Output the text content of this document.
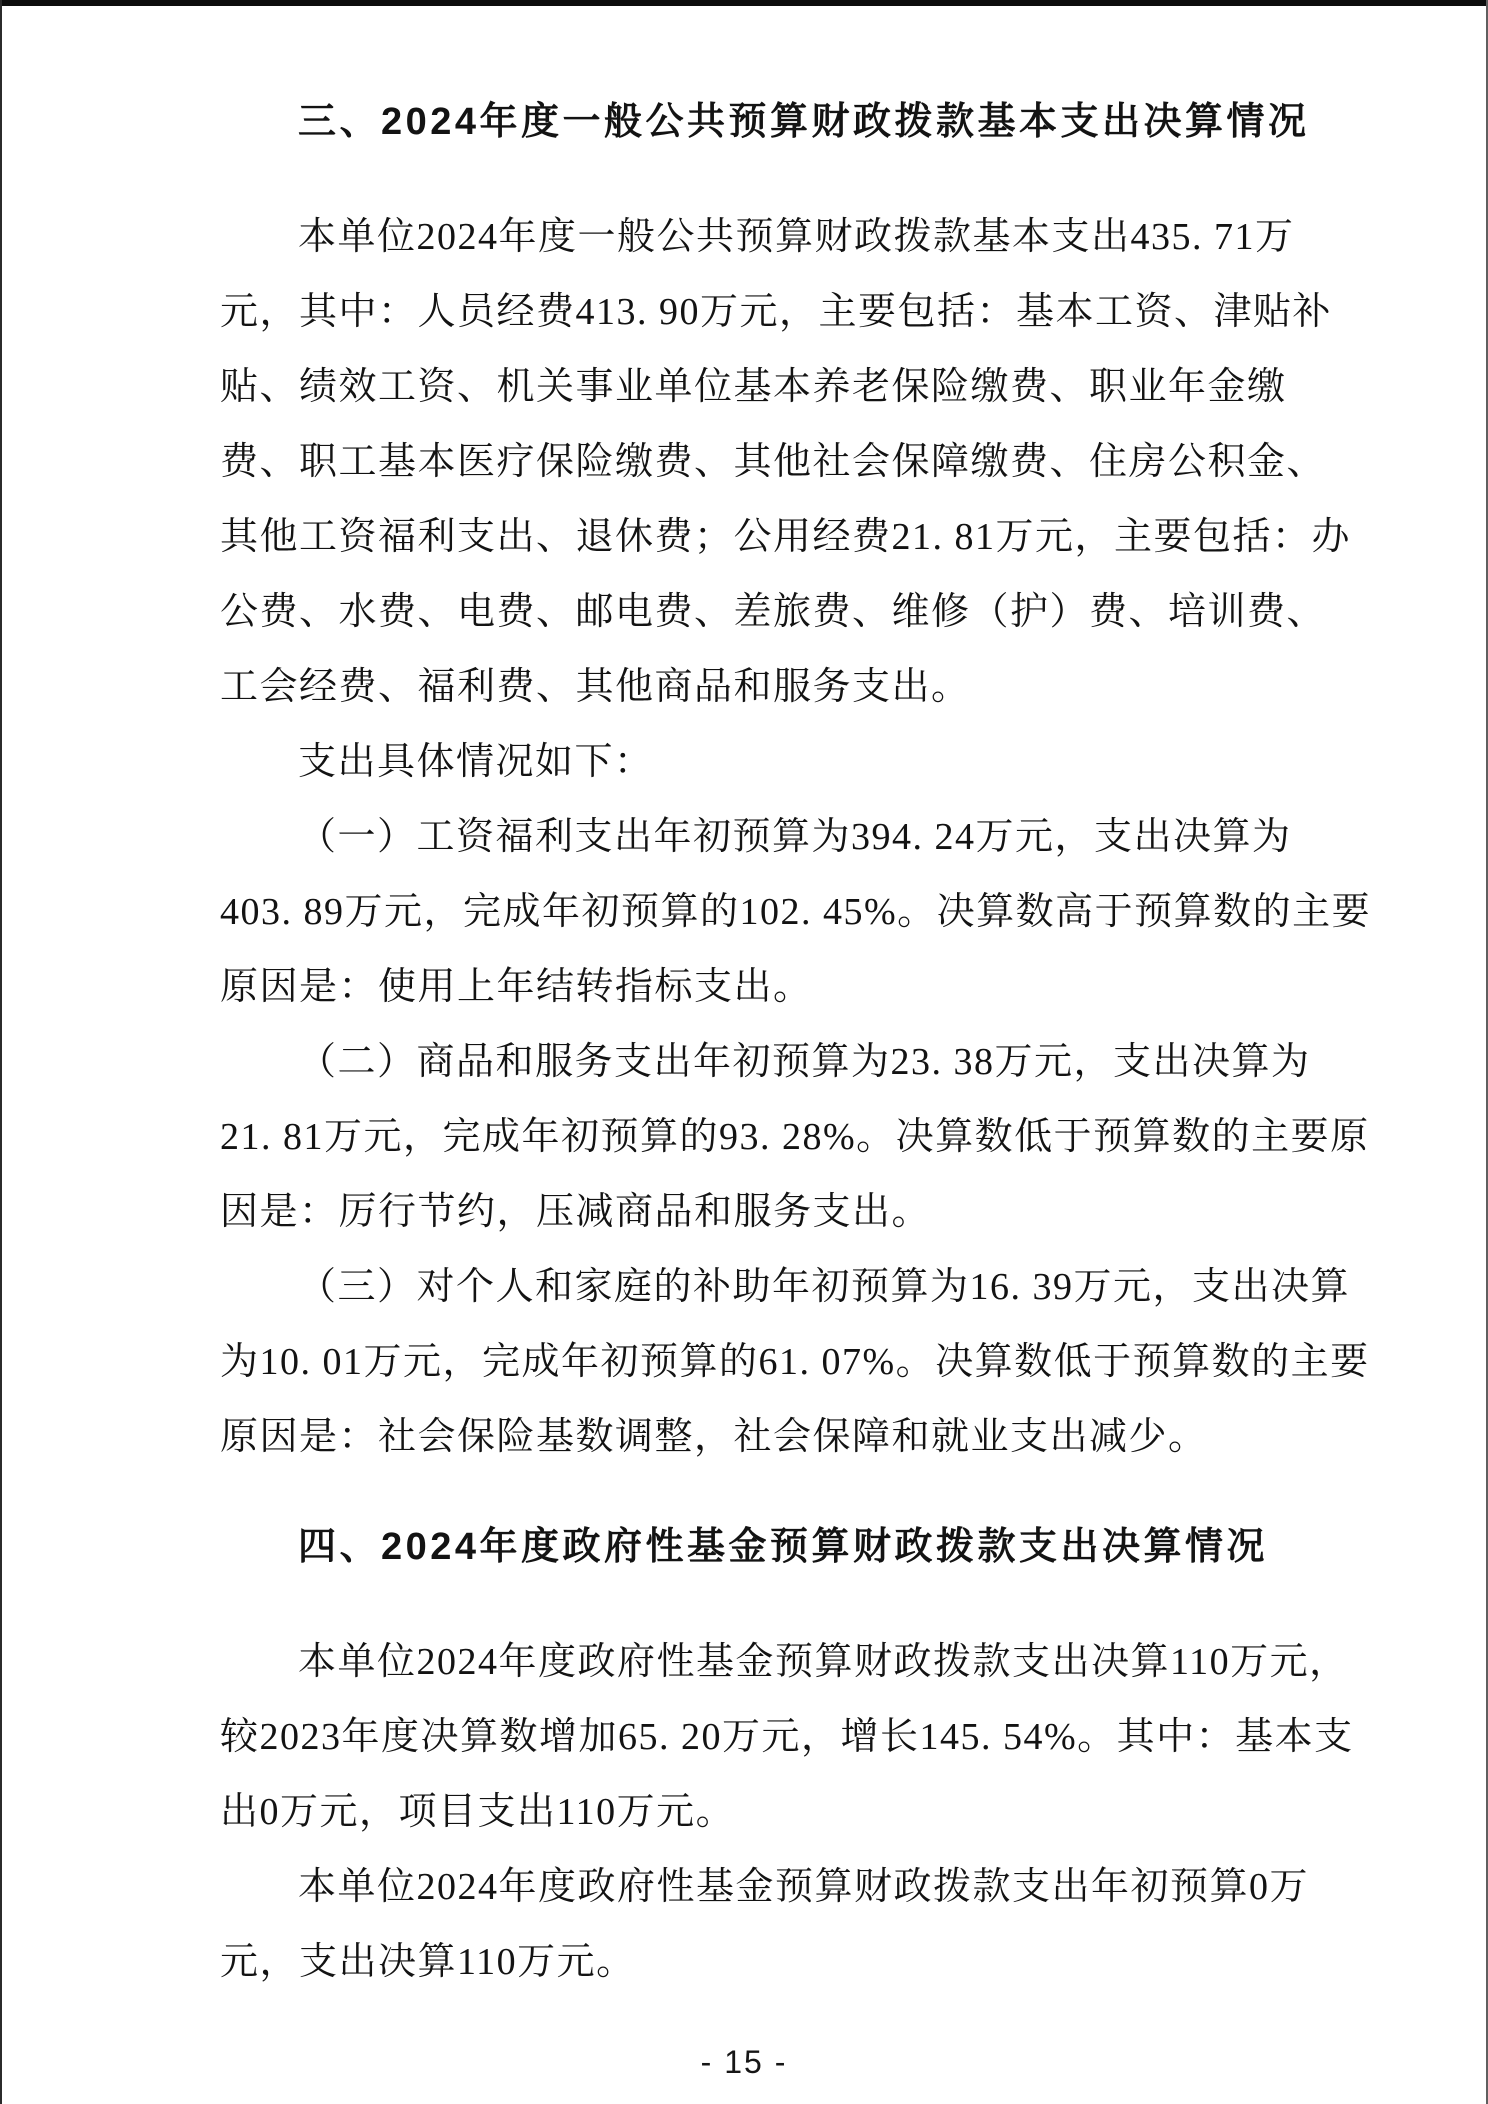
三、2024年度一般公共预算财政拨款基本支出决算情况
本单位2024年度一般公共预算财政拨款基本支出435. 71万
元，其中：人员经费413. 90万元，主要包括：基本工资、津贴补
贴、绩效工资、机关事业单位基本养老保险缴费、职业年金缴
费、职工基本医疗保险缴费、其他社会保障缴费、住房公积金、
其他工资福利支出、退休费；公用经费21. 81万元，主要包括：办
公费、水费、电费、邮电费、差旅费、维修（护）费、培训费、
工会经费、福利费、其他商品和服务支出。
支出具体情况如下：
（一）工资福利支出年初预算为394. 24万元，支出决算为
403. 89万元，完成年初预算的102. 45%。决算数高于预算数的主要
原因是：使用上年结转指标支出。
（二）商品和服务支出年初预算为23. 38万元，支出决算为
21. 81万元，完成年初预算的93. 28%。决算数低于预算数的主要原
因是：厉行节约，压减商品和服务支出。
（三）对个人和家庭的补助年初预算为16. 39万元，支出决算
为10. 01万元，完成年初预算的61. 07%。决算数低于预算数的主要
原因是：社会保险基数调整，社会保障和就业支出减少。
四、2024年度政府性基金预算财政拨款支出决算情况
本单位2024年度政府性基金预算财政拨款支出决算110万元，
较2023年度决算数增加65. 20万元，增长145. 54%。其中：基本支
出0万元，项目支出110万元。
本单位2024年度政府性基金预算财政拨款支出年初预算0万
元，支出决算110万元。
- 15 -
